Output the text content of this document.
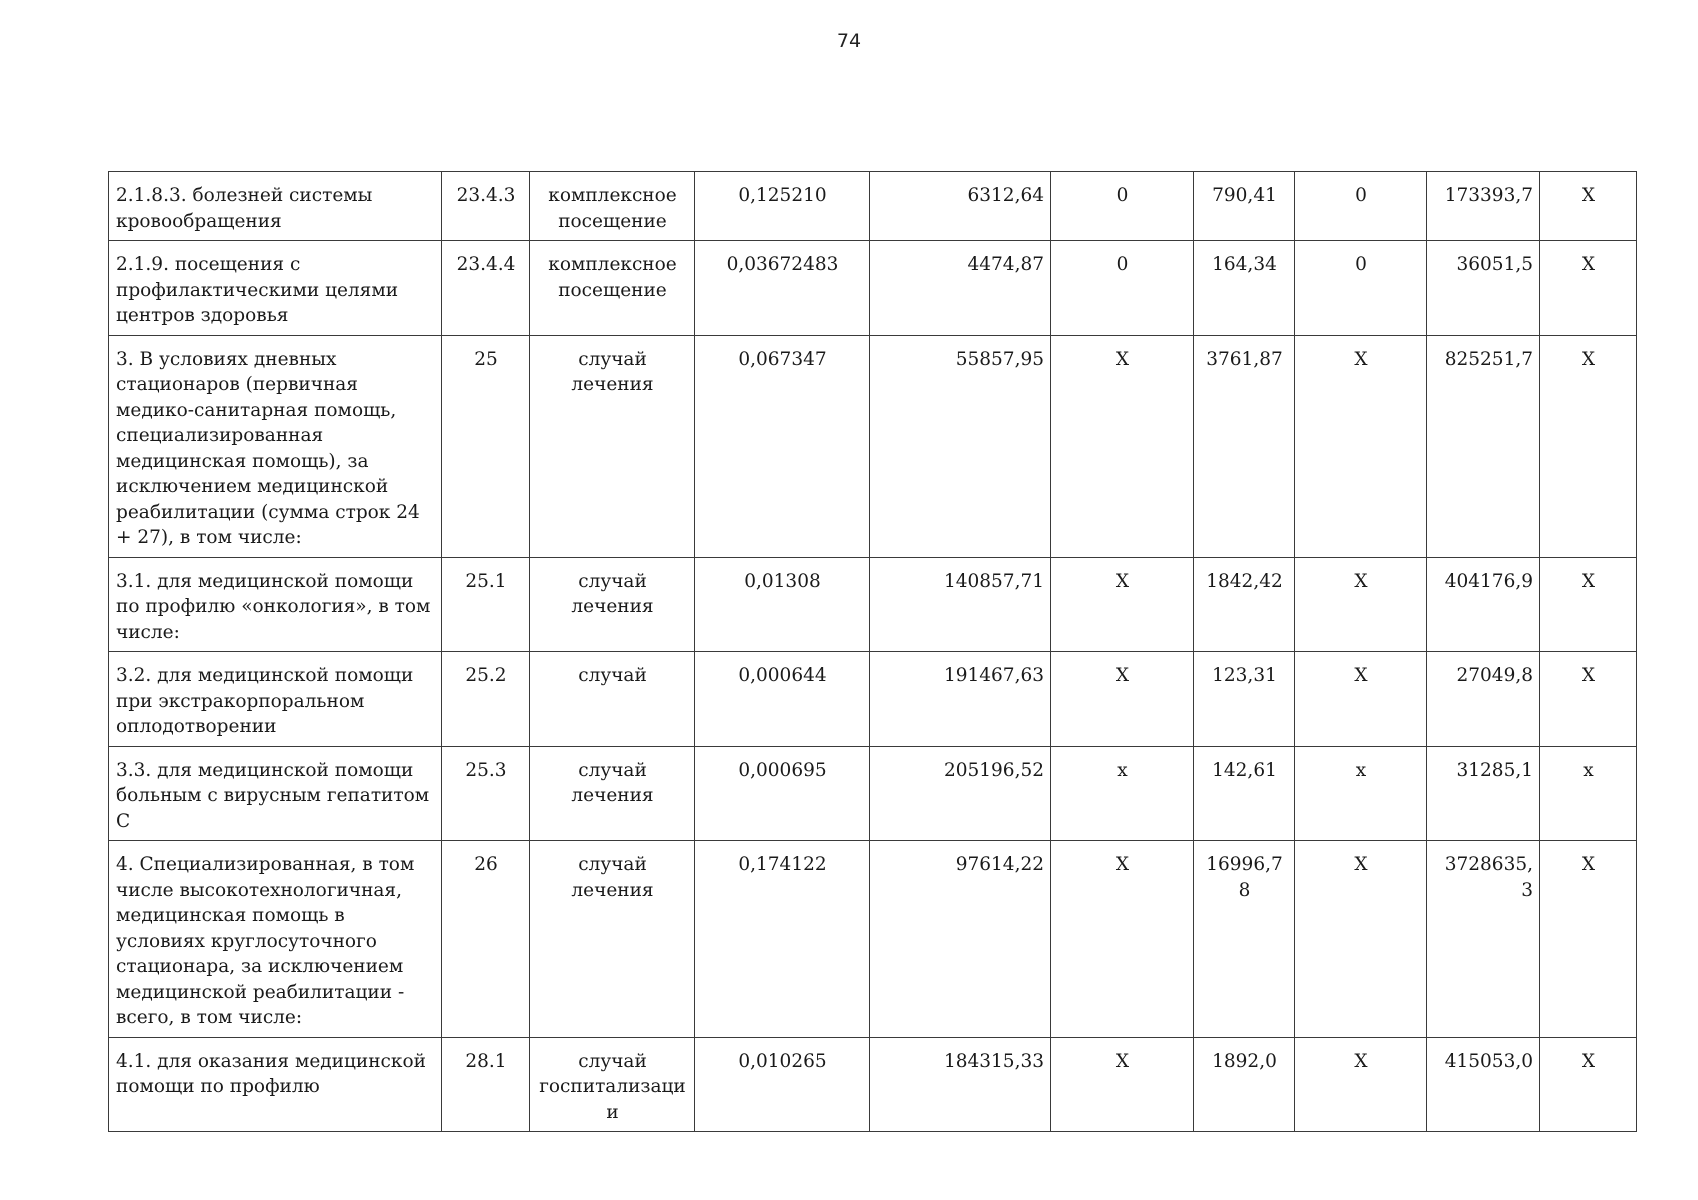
74
2.1.8.3. болезней системы кровообращения	23.4.3	комплексное посещение	0,125210	6312,64	0	790,41	0	173393,7	X
2.1.9. посещения с профилактическими целями центров здоровья	23.4.4	комплексное посещение	0,03672483	4474,87	0	164,34	0	36051,5	X
3. В условиях дневных стационаров (первичная медико-санитарная помощь, специализированная медицинская помощь), за исключением медицинской реабилитации (сумма строк 24 + 27), в том числе:	25	случай лечения	0,067347	55857,95	X	3761,87	X	825251,7	X
3.1. для медицинской помощи по профилю «онкология», в том числе:	25.1	случай лечения	0,01308	140857,71	X	1842,42	X	404176,9	X
3.2. для медицинской помощи при экстракорпоральном оплодотворении	25.2	случай	0,000644	191467,63	X	123,31	X	27049,8	X
3.3. для медицинской помощи больным с вирусным гепатитом С	25.3	случай лечения	0,000695	205196,52	х	142,61	х	31285,1	х
4. Специализированная, в том числе высокотехнологичная, медицинская помощь в условиях круглосуточного стационара, за исключением медицинской реабилитации - всего, в том числе:	26	случай лечения	0,174122	97614,22	X	16996,78	X	3728635,3	X
4.1. для оказания медицинской помощи по профилю	28.1	случай госпитализации	0,010265	184315,33	X	1892,0	X	415053,0	X
